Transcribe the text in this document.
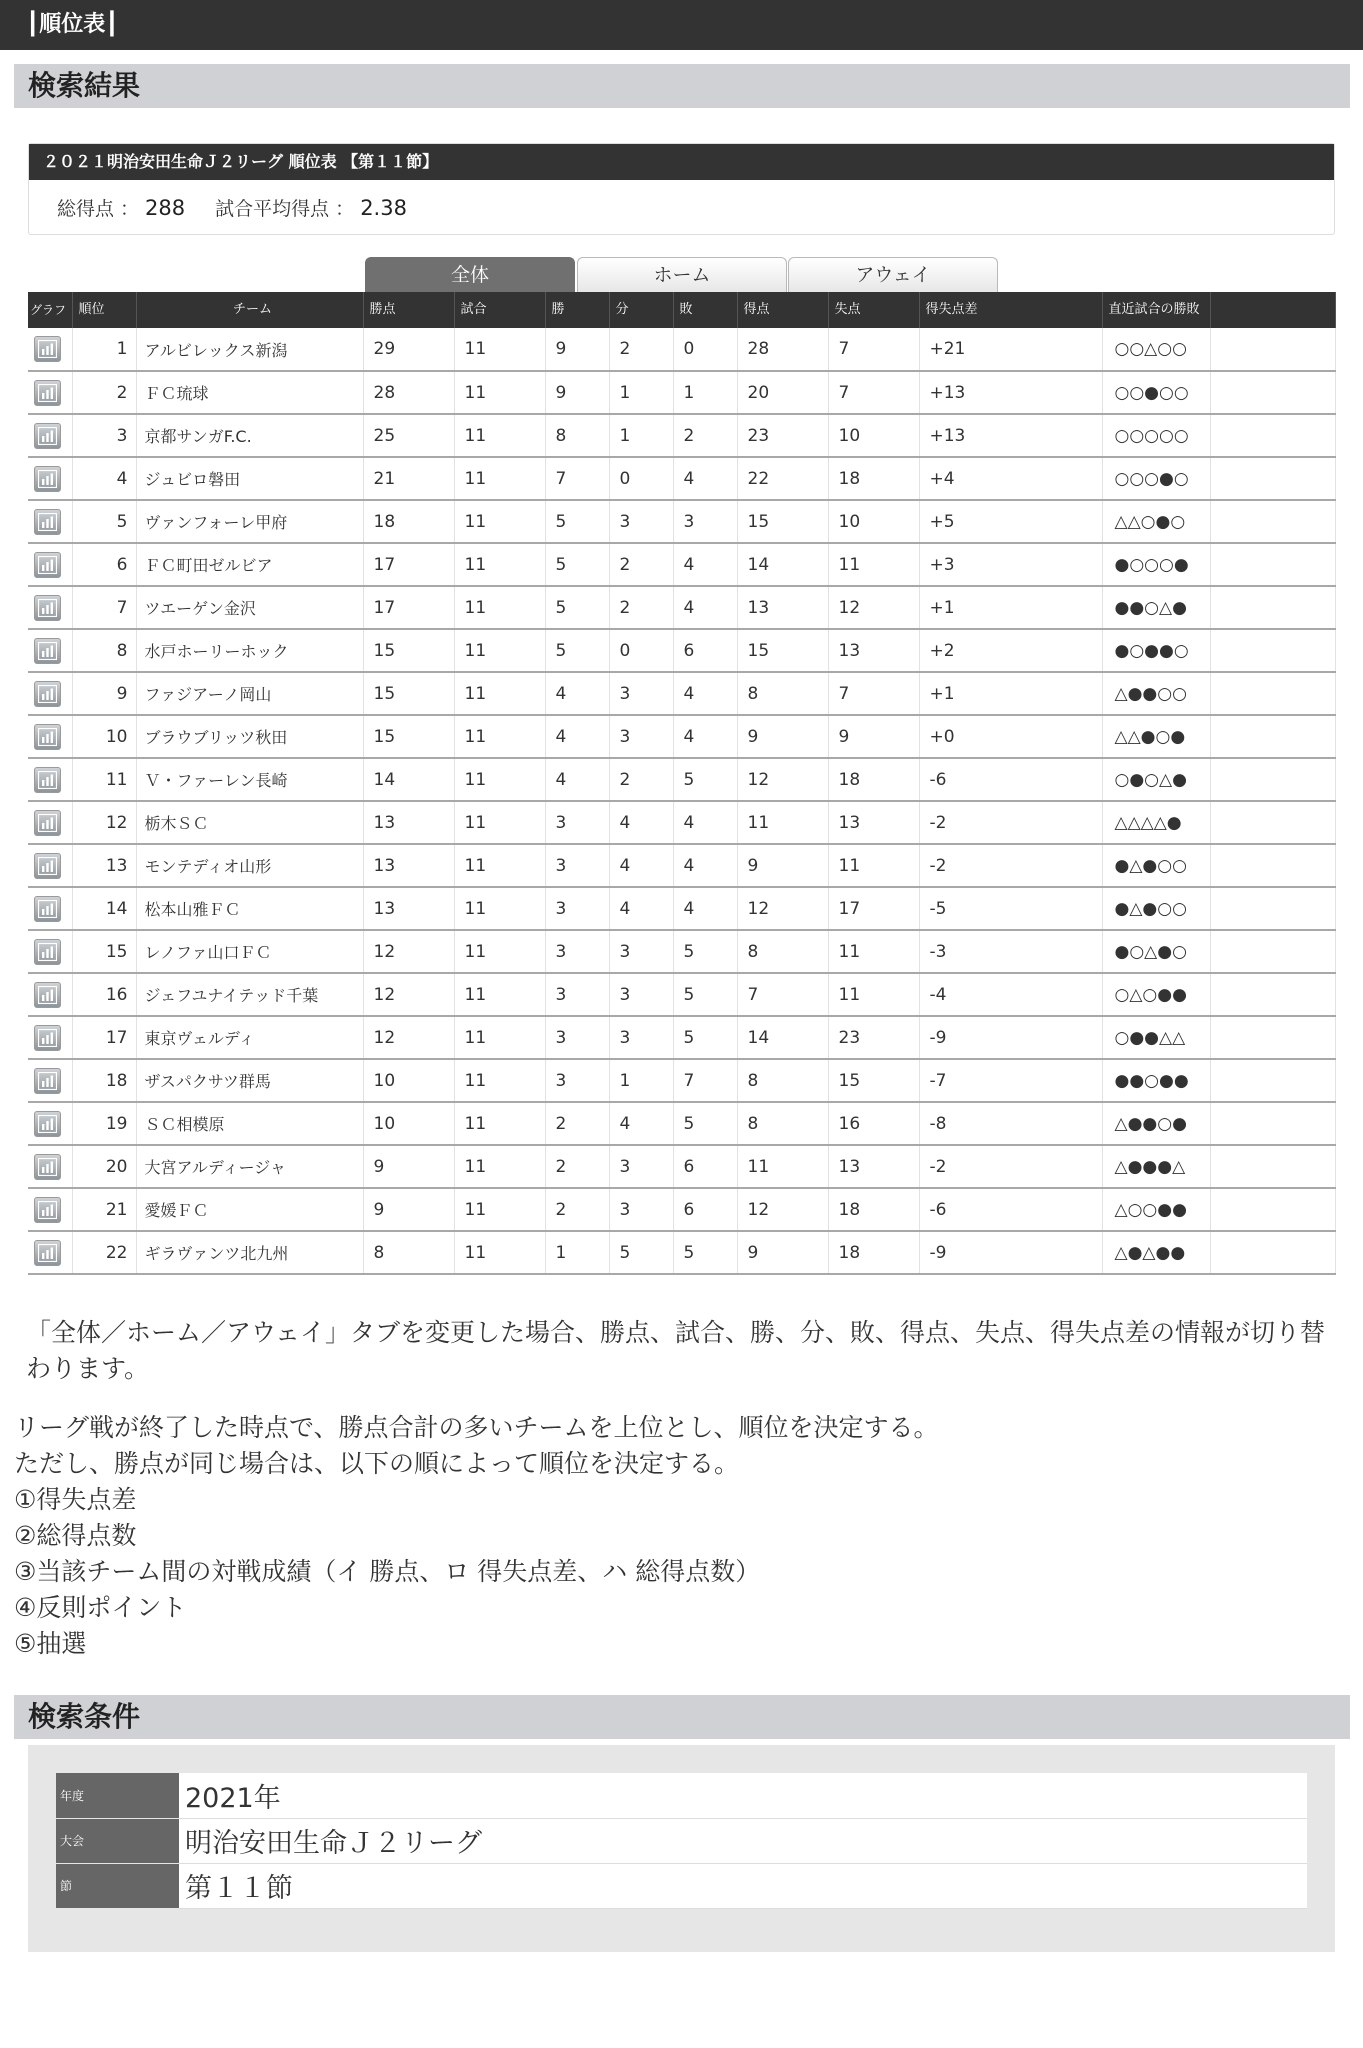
┃順位表┃
検索結果
２０２１明治安田生命Ｊ２リーグ 順位表 【第１１節】
総得点 ： 288 試合平均得点 ： 2.38
全体	ホーム	アウェイ
グラフ	順位	チーム	勝点	試合	勝	分	敗	得点	失点	得失点差	直近試合の勝敗	

	1	アルビレックス新潟	29	11	9	2	0	28	7	+21	○○△○○	

	2	ＦＣ琉球	28	11	9	1	1	20	7	+13	○○●○○	

	3	京都サンガF.C.	25	11	8	1	2	23	10	+13	○○○○○	

	4	ジュビロ磐田	21	11	7	0	4	22	18	+4	○○○●○	

	5	ヴァンフォーレ甲府	18	11	5	3	3	15	10	+5	△△○●○	

	6	ＦＣ町田ゼルビア	17	11	5	2	4	14	11	+3	●○○○●	

	7	ツエーゲン金沢	17	11	5	2	4	13	12	+1	●●○△●	

	8	水戸ホーリーホック	15	11	5	0	6	15	13	+2	●○●●○	

	9	ファジアーノ岡山	15	11	4	3	4	8	7	+1	△●●○○	

	10	ブラウブリッツ秋田	15	11	4	3	4	9	9	+0	△△●○●	

	11	Ｖ・ファーレン長崎	14	11	4	2	5	12	18	-6	○●○△●	

	12	栃木ＳＣ	13	11	3	4	4	11	13	-2	△△△△●	

	13	モンテディオ山形	13	11	3	4	4	9	11	-2	●△●○○	

	14	松本山雅ＦＣ	13	11	3	4	4	12	17	-5	●△●○○	

	15	レノファ山口ＦＣ	12	11	3	3	5	8	11	-3	●○△●○	

	16	ジェフユナイテッド千葉	12	11	3	3	5	7	11	-4	○△○●●	

	17	東京ヴェルディ	12	11	3	3	5	14	23	-9	○●●△△	

	18	ザスパクサツ群馬	10	11	3	1	7	8	15	-7	●●○●●	

	19	ＳＣ相模原	10	11	2	4	5	8	16	-8	△●●○●	

	20	大宮アルディージャ	9	11	2	3	6	11	13	-2	△●●●△	

	21	愛媛ＦＣ	9	11	2	3	6	12	18	-6	△○○●●	

	22	ギラヴァンツ北九州	8	11	1	5	5	9	18	-9	△●△●●	
「全体／ホーム／アウェイ」タブを変更した場合、勝点、試合、勝、分、敗、得点、失点、得失点差の情報が切り替わります。
リーグ戦が終了した時点で、勝点合計の多いチームを上位とし、順位を決定する。
ただし、勝点が同じ場合は、以下の順によって順位を決定する。
①得失点差
②総得点数
③当該チーム間の対戦成績（イ 勝点、ロ 得失点差、ハ 総得点数）
④反則ポイント
⑤抽選
検索条件
年度	2021年
大会	明治安田生命Ｊ２リーグ
節	第１１節
